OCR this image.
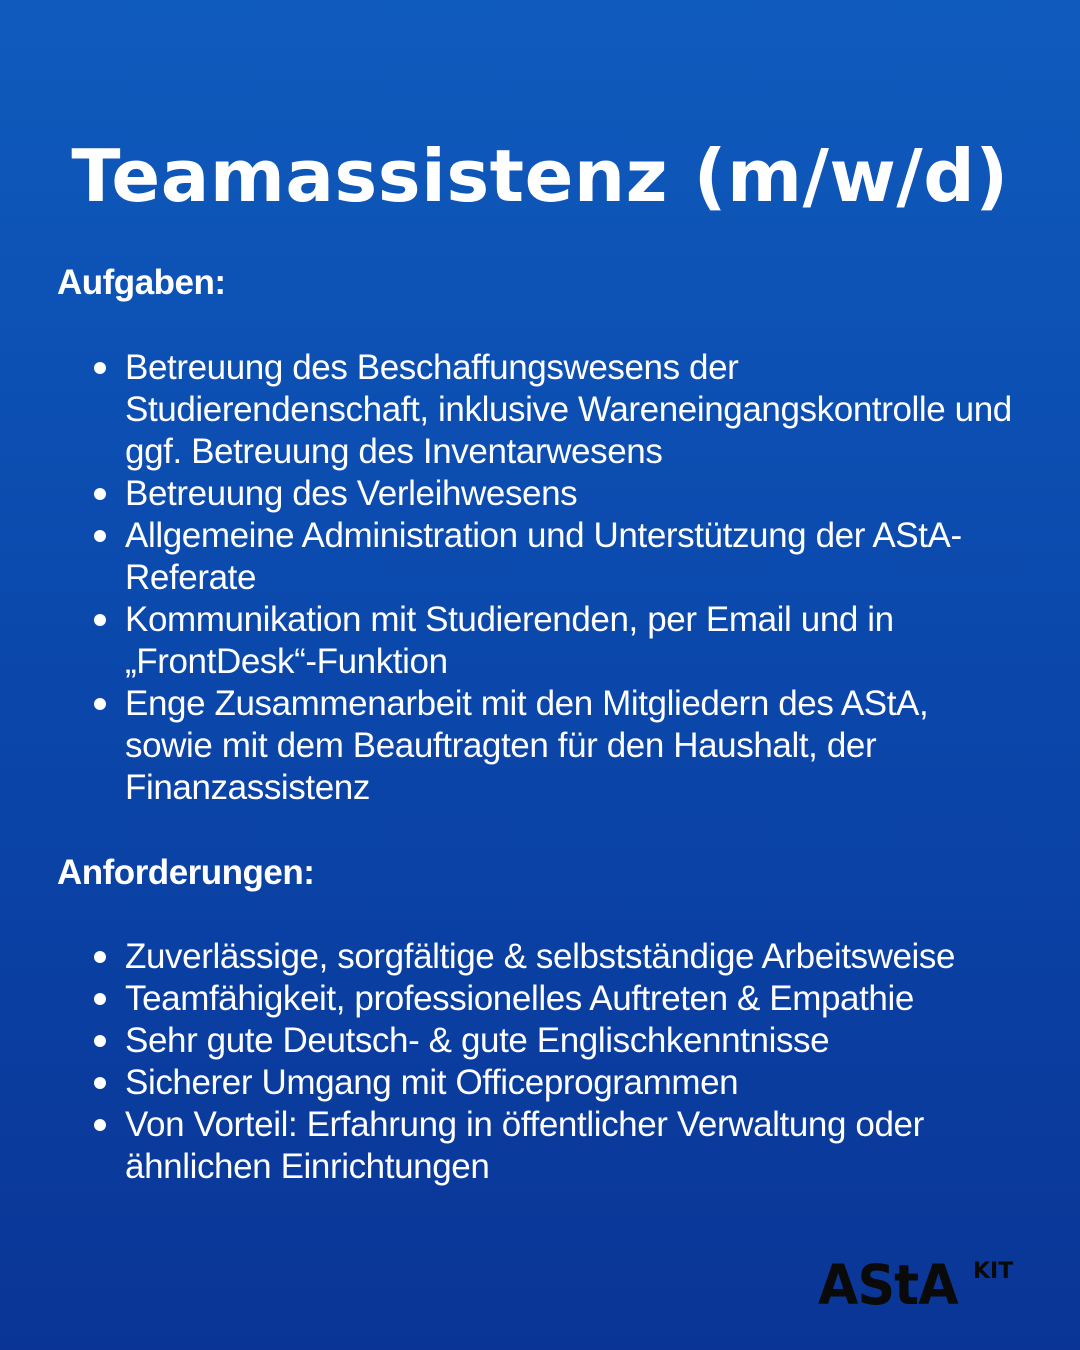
Teamassistenz (m/w/d)
Aufgaben:
Betreuung des Beschaffungswesens der Studierendenschaft, inklusive Wareneingangskontrolle und ggf. Betreuung des Inventarwesens
Betreuung des Verleihwesens
Allgemeine Administration und Unterstützung der AStA-Referate
Kommunikation mit Studierenden, per Email und in „FrontDesk“-Funktion
Enge Zusammenarbeit mit den Mitgliedern des AStA, sowie mit dem Beauftragten für den Haushalt, der Finanzassistenz
Anforderungen:
Zuverlässige, sorgfältige & selbstständige Arbeitsweise
Teamfähigkeit, professionelles Auftreten & Empathie
Sehr gute Deutsch- & gute Englischkenntnisse
Sicherer Umgang mit Officeprogrammen
Von Vorteil: Erfahrung in öffentlicher Verwaltung oder ähnlichen Einrichtungen
AStA KIT
